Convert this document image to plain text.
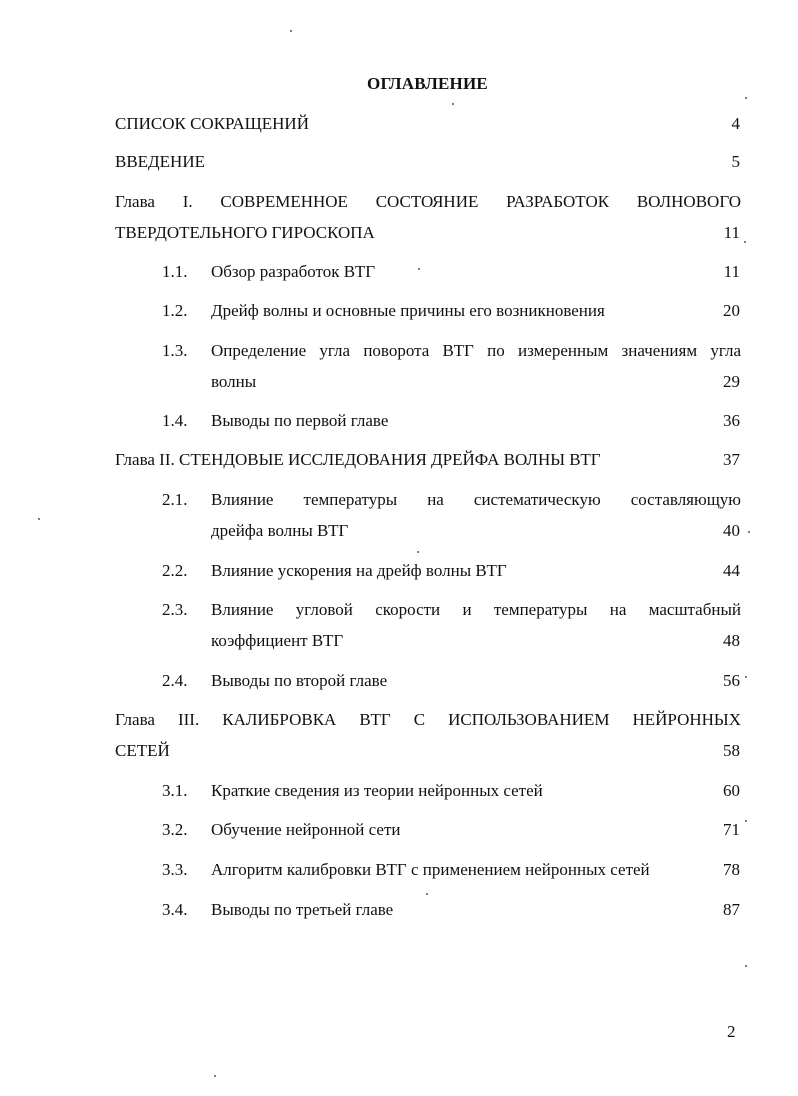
ОГЛАВЛЕНИЕ
СПИСОК СОКРАЩЕНИЙ	4
ВВЕДЕНИЕ	5
Глава I. СОВРЕМЕННОЕ СОСТОЯНИЕ РАЗРАБОТОК ВОЛНОВОГО
ТВЕРДОТЕЛЬНОГО ГИРОСКОПА	11
1.1. Обзор разработок ВТГ	11
1.2. Дрейф волны и основные причины его возникновения	20
1.3. Определение угла поворота ВТГ по измеренным значениям угла
волны	29
1.4. Выводы по первой главе	36
Глава II. СТЕНДОВЫЕ ИССЛЕДОВАНИЯ ДРЕЙФА ВОЛНЫ ВТГ	37
2.1. Влияние температуры на систематическую составляющую
дрейфа волны ВТГ	40
2.2. Влияние ускорения на дрейф волны ВТГ	44
2.3. Влияние угловой скорости и температуры на масштабный
коэффициент ВТГ	48
2.4. Выводы по второй главе	56
Глава III. КАЛИБРОВКА ВТГ С ИСПОЛЬЗОВАНИЕМ НЕЙРОННЫХ
СЕТЕЙ	58
3.1. Краткие сведения из теории нейронных сетей	60
3.2. Обучение нейронной сети	71
3.3. Алгоритм калибровки ВТГ с применением нейронных сетей	78
3.4. Выводы по третьей главе	87
2
